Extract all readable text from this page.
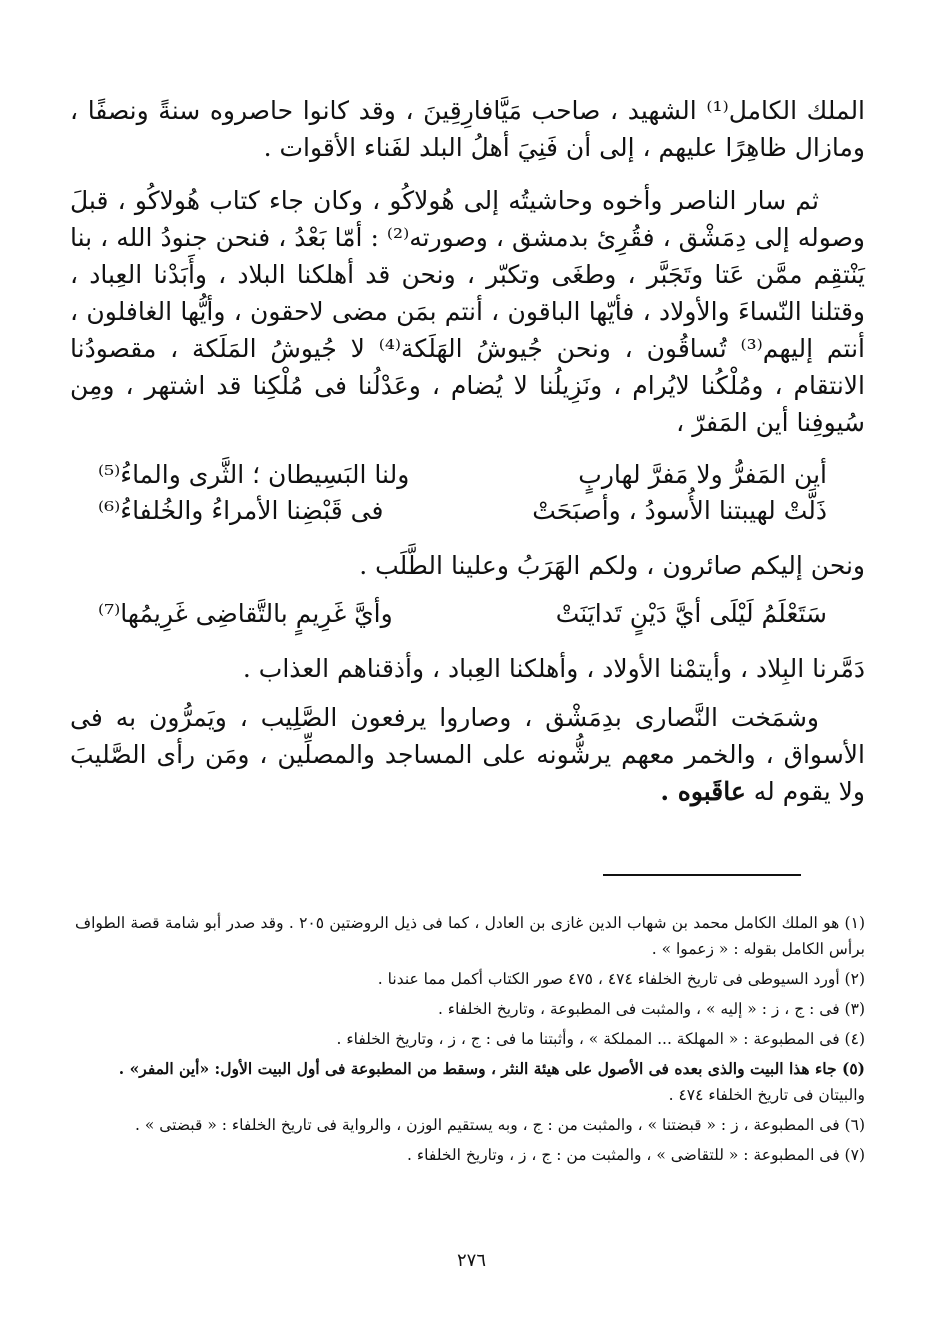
الملك الكامل⁽¹⁾ الشهيد ، صاحب مَيَّافارِقِينَ ، وقد كانوا حاصروه سنةً ونصفًا ، ومازال ظاهِرًا عليهم ، إلى أن فَنِيَ أهلُ البلد لفَناء الأقوات .

ثم سار الناصر وأخوه وحاشيتُه إلى هُولاكُو ، وكان جاء كتاب هُولاكُو ، قبلَ وصوله إلى دِمَشْق ، فقُرِئ بدمشق ، وصورته⁽²⁾ : أمّا بَعْدُ ، فنحن جنودُ الله ، بنا يَنْتقِم ممَّن عَتا وتَجَبَّر ، وطغَى وتكبّر ، ونحن قد أهلكنا البلاد ، وأَبَدْنا العِباد ، وقتلنا النّساءَ والأولاد ، فأيّها الباقون ، أنتم بمَن مضى لاحقون ، وأيُّها الغافلون ، أنتم إليهم⁽³⁾ تُساقُون ، ونحن جُيوشُ الهَلَكة⁽⁴⁾ لا جُيوشُ المَلَكة ، مقصودُنا الانتقام ، ومُلْكُنا لايُرام ، ونَزِيلُنا لا يُضام ، وعَدْلُنا فى مُلْكِنا قد اشتهر ، ومِن سُيوفِنا أين المَفرّ ،

أين المَفرُّ ولا مَفرَّ لهاربٍ
ولنا البَسِيطان ؛ الثَّرى والماءُ⁽⁵⁾
ذَلَّتْ لهيبتنا الأُسودُ ، وأصبَحَتْ
فى قَبْضِنا الأمراءُ والخُلفاءُ⁽⁶⁾

ونحن إليكم صائرون ، ولكم الهَرَبُ وعلينا الطَّلَب .

سَتَعْلَمُ لَيْلَى أيَّ دَيْنٍ تَدايَنَتْ
وأيَّ غَرِيمٍ بالتَّقاضِى غَرِيمُها⁽⁷⁾

دَمَّرنا البِلاد ، وأيتمْنا الأولاد ، وأهلكنا العِباد ، وأذقناهم العذاب .

وشمَخت النَّصارى بدِمَشْق ، وصاروا يرفعون الصَّلِيب ، ويَمرُّون به فى الأسواق ، والخمر معهم يرشُّونه على المساجد والمصلِّين ، ومَن رأى الصَّليبَ ولا يقوم له عاقَبوه .

(١) هو الملك الكامل محمد بن شهاب الدين غازى بن العادل ، كما فى ذيل الروضتين ٢٠٥ . وقد صدر أبو شامة قصة الطواف برأس الكامل بقوله : « زعموا » .

(٢) أورد السيوطى فى تاريخ الخلفاء ٤٧٤ ، ٤٧٥ صور الكتاب أكمل مما عندنا .

(٣) فى : ج ، ز : « إليه » ، والمثبت فى المطبوعة ، وتاريخ الخلفاء .

(٤) فى المطبوعة : « المهلكة ... المملكة » ، وأثبتنا ما فى : ج ، ز ، وتاريخ الخلفاء .

(٥) جاء هذا البيت والذى بعده فى الأصول على هيئة النثر ، وسقط من المطبوعة فى أول البيت الأول: «أين المفر» .
والبيتان فى تاريخ الخلفاء ٤٧٤ .

(٦) فى المطبوعة ، ز : « قبضتنا » ، والمثبت من : ج ، وبه يستقيم الوزن ، والرواية فى تاريخ الخلفاء : « قبضتى » .

(٧) فى المطبوعة : « للتقاضى » ، والمثبت من : ج ، ز ، وتاريخ الخلفاء .

٢٧٦
